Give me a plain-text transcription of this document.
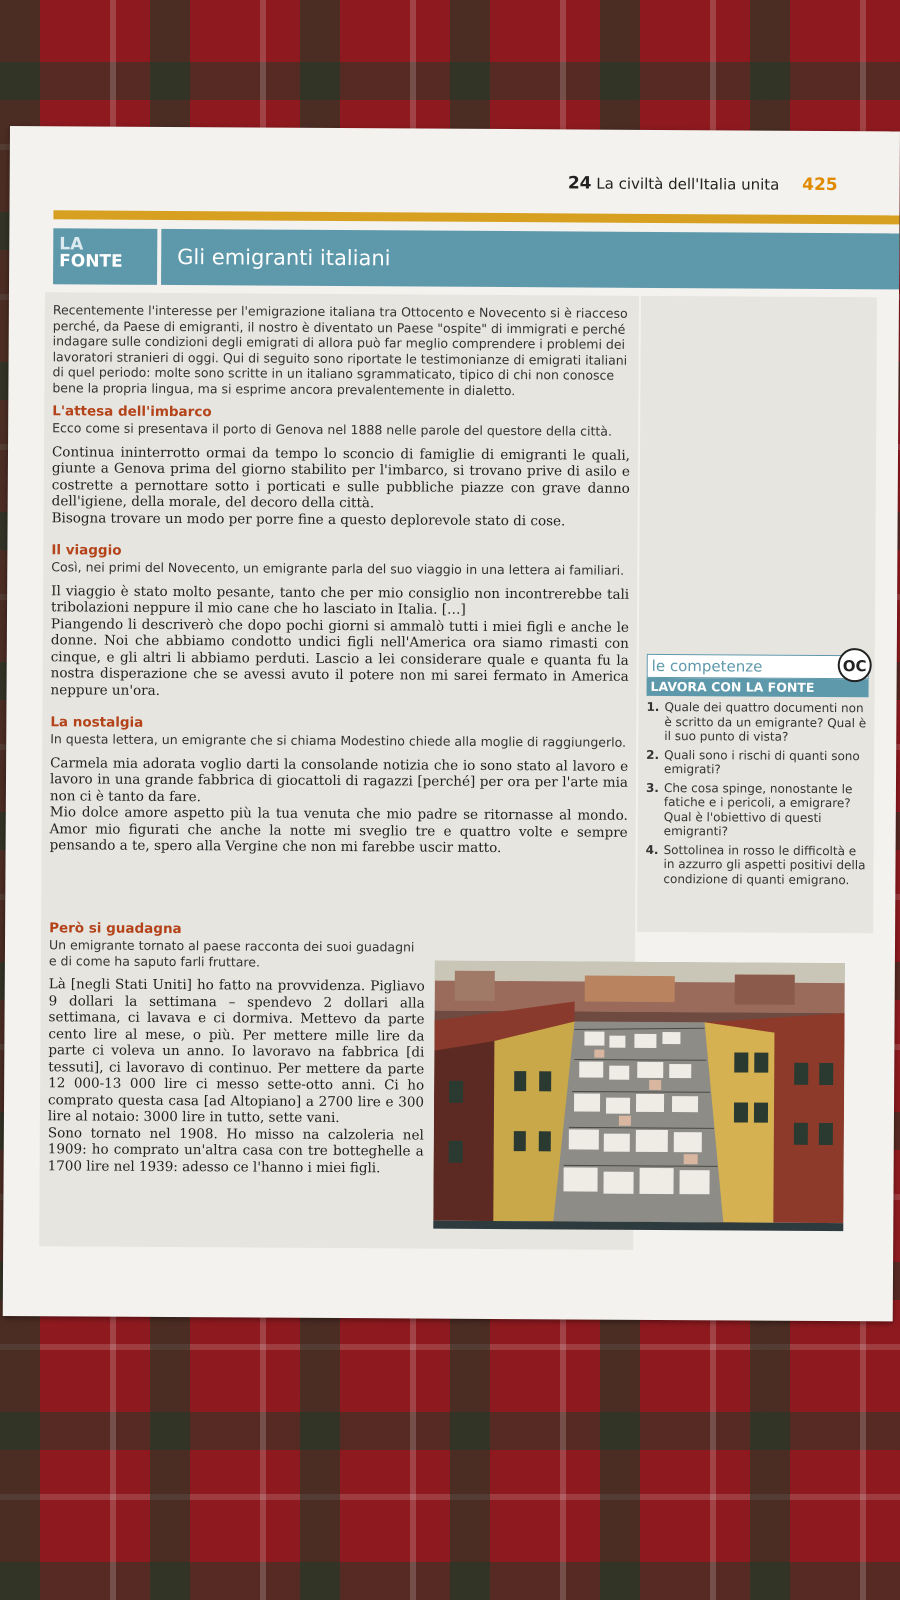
24 La civiltà dell'Italia unita 425
LA
FONTE	Gli emigranti italiani

Recentemente l'interesse per l'emigrazione italiana tra Ottocento e Novecento si è riacceso perché, da Paese di emigranti, il nostro è diventato un Paese "ospite" di immigrati e perché indagare sulle condizioni degli emigrati di allora può far meglio comprendere i problemi dei lavoratori stranieri di oggi. Qui di seguito sono riportate le testimonianze di emigrati italiani di quel periodo: molte sono scritte in un italiano sgrammaticato, tipico di chi non conosce bene la propria lingua, ma si esprime ancora prevalentemente in dialetto.

L'attesa dell'imbarco

Ecco come si presentava il porto di Genova nel 1888 nelle parole del questore della città.

Continua ininterrotto ormai da tempo lo sconcio di famiglie di emigranti le quali, giunte a Genova prima del giorno stabilito per l'imbarco, si trovano prive di asilo e costrette a pernottare sotto i porticati e sulle pubbliche piazze con grave danno dell'igiene, della morale, del decoro della città.

Bisogna trovare un modo per porre fine a questo deplorevole stato di cose.

Il viaggio

Così, nei primi del Novecento, un emigrante parla del suo viaggio in una lettera ai familiari.

Il viaggio è stato molto pesante, tanto che per mio consiglio non incontrerebbe tali tribolazioni neppure il mio cane che ho lasciato in Italia. […]

Piangendo li descriverò che dopo pochi giorni si ammalò tutti i miei figli e anche le donne. Noi che abbiamo condotto undici figli nell'America ora siamo rimasti con cinque, e gli altri li abbiamo perduti. Lascio a lei considerare quale e quanta fu la nostra disperazione che se avessi avuto il potere non mi sarei fermato in America neppure un'ora.

La nostalgia

In questa lettera, un emigrante che si chiama Modestino chiede alla moglie di raggiungerlo.

Carmela mia adorata voglio darti la consolande notizia che io sono stato al lavoro e lavoro in una grande fabbrica di giocattoli di ragazzi [perché] per ora per l'arte mia non ci è tanto da fare.

Mio dolce amore aspetto più la tua venuta che mio padre se ritornasse al mondo. Amor mio figurati che anche la notte mi sveglio tre e quattro volte e sempre pensando a te, spero alla Vergine che non mi farebbe uscir matto.

le competenze	OC
LAVORA CON LA FONTE
1. Quale dei quattro documenti non è scritto da un emigrante? Qual è il suo punto di vista?
2. Quali sono i rischi di quanti sono emigrati?
3. Che cosa spinge, nonostante le fatiche e i pericoli, a emigrare? Qual è l'obiettivo di questi emigranti?
4. Sottolinea in rosso le difficoltà e in azzurro gli aspetti positivi della condizione di quanti emigrano.

Però si guadagna

Un emigrante tornato al paese racconta dei suoi guadagni e di come ha saputo farli fruttare.

Là [negli Stati Uniti] ho fatto na provvidenza. Pigliavo 9 dollari la settimana – spendevo 2 dollari alla settimana, ci lavava e ci dormiva. Mettevo da parte cento lire al mese, o più. Per mettere mille lire da parte ci voleva un anno. Io lavoravo na fabbrica [di tessuti], ci lavoravo di continuo. Per mettere da parte 12 000-13 000 lire ci messo sette-otto anni. Ci ho comprato questa casa [ad Altopiano] a 2700 lire e 300 lire al notaio: 3000 lire in tutto, sette vani.

Sono tornato nel 1908. Ho misso na calzoleria nel 1909: ho comprato un'altra casa con tre botteghelle a 1700 lire nel 1939: adesso ce l'hanno i miei figli.
